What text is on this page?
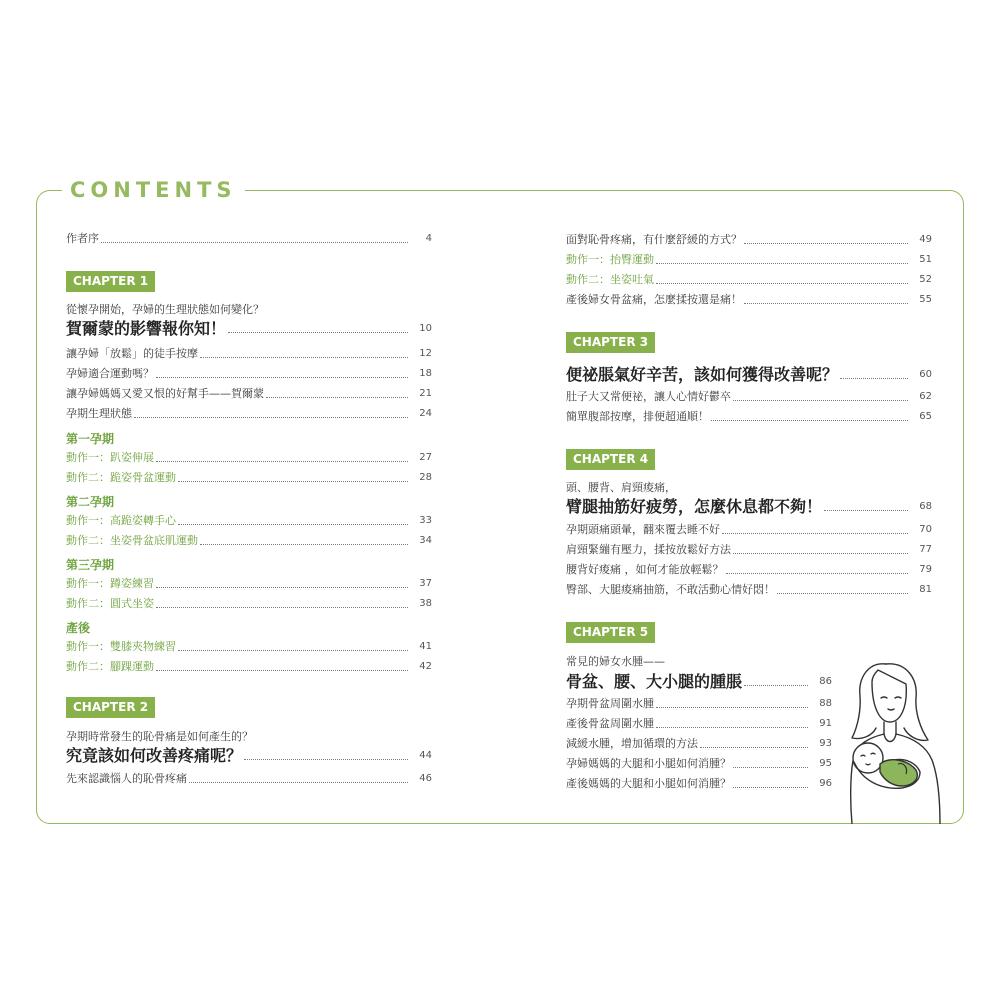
CONTENTS
作者序	4
CHAPTER 1
從懷孕開始，孕婦的生理狀態如何變化？
賀爾蒙的影響報你知！	10
讓孕婦「放鬆」的徒手按摩	12
孕婦適合運動嗎？	18
讓孕婦媽媽又愛又恨的好幫手——賀爾蒙	21
孕期生理狀態	24
第一孕期
動作一：趴姿伸展	27
動作二：跪姿骨盆運動	28
第二孕期
動作一：高跪姿轉手心	33
動作二：坐姿骨盆底肌運動	34
第三孕期
動作一：蹲姿練習	37
動作二：圓式坐姿	38
產後
動作一：雙膝夾物練習	41
動作二：腳踝運動	42
CHAPTER 2
孕期時常發生的恥骨痛是如何產生的？
究竟該如何改善疼痛呢？	44
先來認識惱人的恥骨疼痛	46
面對恥骨疼痛，有什麼舒緩的方式？	49
動作一：抬臀運動	51
動作二：坐姿吐氣	52
產後婦女骨盆痛，怎麼揉按還是痛！	55
CHAPTER 3
便祕脹氣好辛苦，該如何獲得改善呢？	60
肚子大又常便祕，讓人心情好鬱卒	62
簡單腹部按摩，排便超通順！	65
CHAPTER 4
頭、腰背、肩頸痠痛，
臂腿抽筋好疲勞，怎麼休息都不夠！	68
孕期頭痛頭暈，翻來覆去睡不好	70
肩頸緊繃有壓力，揉按放鬆好方法	77
腰背好痠痛 ，如何才能放輕鬆？	79
臀部、大腿痠痛抽筋，不敢活動心情好悶！	81
CHAPTER 5
常見的婦女水腫——
骨盆、腰、大小腿的腫脹	86
孕期骨盆周圍水腫	88
產後骨盆周圍水腫	91
減緩水腫，增加循環的方法	93
孕婦媽媽的大腿和小腿如何消腫？	95
產後媽媽的大腿和小腿如何消腫？	96
